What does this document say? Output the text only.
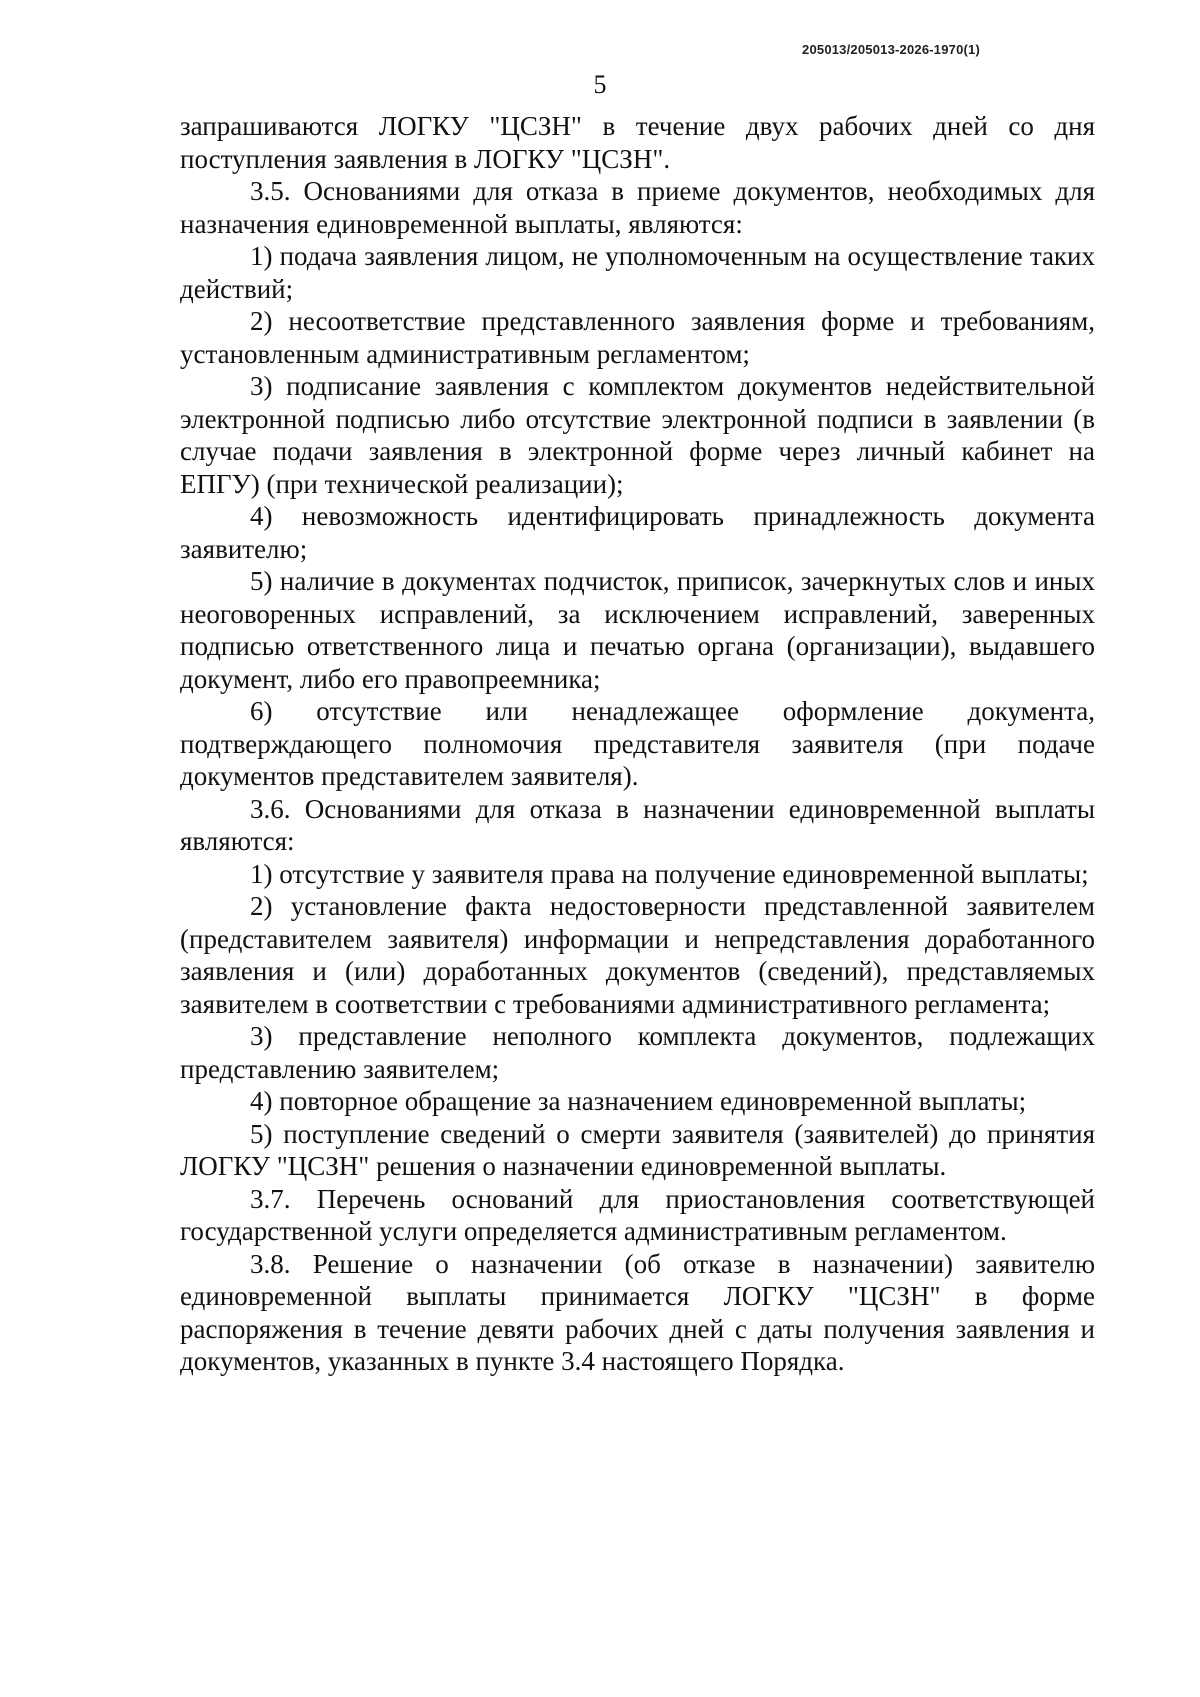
205013/205013-2026-1970(1)
5

запрашиваются ЛОГКУ "ЦСЗН" в течение двух рабочих дней со дня поступления заявления в ЛОГКУ "ЦСЗН".

3.5. Основаниями для отказа в приеме документов, необходимых для назначения единовременной выплаты, являются:

1) подача заявления лицом, не уполномоченным на осуществление таких действий;

2) несоответствие представленного заявления форме и требованиям, установленным административным регламентом;

3) подписание заявления с комплектом документов недействительной электронной подписью либо отсутствие электронной подписи в заявлении (в случае подачи заявления в электронной форме через личный кабинет на ЕПГУ) (при технической реализации);

4) невозможность идентифицировать принадлежность документа заявителю;

5) наличие в документах подчисток, приписок, зачеркнутых слов и иных неоговоренных исправлений, за исключением исправлений, заверенных подписью ответственного лица и печатью органа (организации), выдавшего документ, либо его правопреемника;

6) отсутствие или ненадлежащее оформление документа, подтверждающего полномочия представителя заявителя (при подаче документов представителем заявителя).

3.6. Основаниями для отказа в назначении единовременной выплаты являются:

1) отсутствие у заявителя права на получение единовременной выплаты;

2) установление факта недостоверности представленной заявителем (представителем заявителя) информации и непредставления доработанного заявления и (или) доработанных документов (сведений), представляемых заявителем в соответствии с требованиями административного регламента;

3) представление неполного комплекта документов, подлежащих представлению заявителем;

4) повторное обращение за назначением единовременной выплаты;

5) поступление сведений о смерти заявителя (заявителей) до принятия ЛОГКУ "ЦСЗН" решения о назначении единовременной выплаты.

3.7. Перечень оснований для приостановления соответствующей государственной услуги определяется административным регламентом.

3.8. Решение о назначении (об отказе в назначении) заявителю единовременной выплаты принимается ЛОГКУ "ЦСЗН" в форме распоряжения в течение девяти рабочих дней с даты получения заявления и документов, указанных в пункте 3.4 настоящего Порядка.
